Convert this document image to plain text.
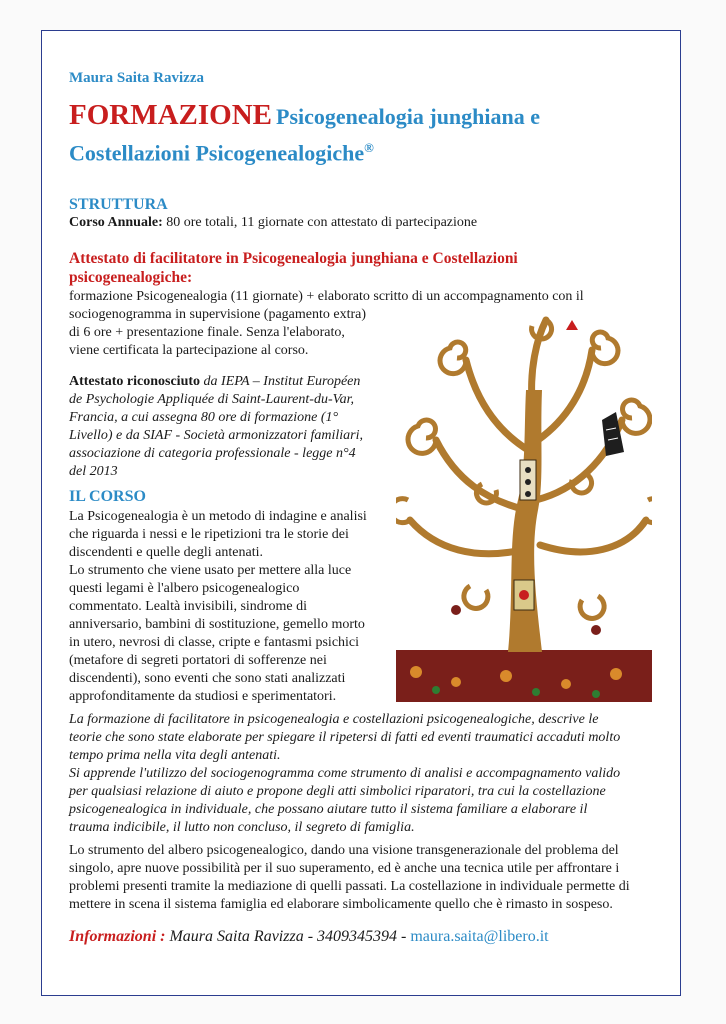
Maura Saita Ravizza
FORMAZIONE Psicogenealogia junghiana e
Costellazioni Psicogenealogiche®
STRUTTURA
Corso Annuale: 80 ore totali, 11 giornate con attestato di partecipazione
Attestato di facilitatore in Psicogenealogia junghiana e Costellazioni
psicogenealogiche:
formazione Psicogenealogia (11 giornate) + elaborato scritto di un accompagnamento con il
sociogenogramma in supervisione (pagamento extra)
di 6 ore + presentazione finale. Senza l'elaborato,
viene certificata la partecipazione al corso.
Attestato riconosciuto da IEPA – Institut Européen
de Psychologie Appliquée di Saint-Laurent-du-Var,
Francia, a cui assegna 80 ore di formazione (1°
Livello) e da SIAF - Società armonizzatori familiari,
associazione di categoria professionale - legge n°4
del 2013
IL CORSO
La Psicogenealogia è un metodo di indagine e analisi
che riguarda i nessi e le ripetizioni tra le storie dei
discendenti e quelle degli antenati.
Lo strumento che viene usato per mettere alla luce
questi legami è l'albero psicogenealogico
commentato. Lealtà invisibili, sindrome di
anniversario, bambini di sostituzione, gemello morto
in utero, nevrosi di classe, cripte e fantasmi psichici
(metafore di segreti portatori di sofferenze nei
discendenti), sono eventi che sono stati analizzati
approfonditamente da studiosi e sperimentatori.
La formazione di facilitatore in psicogenealogia e costellazioni psicogenealogiche, descrive le
teorie che sono state elaborate per spiegare il ripetersi di fatti ed eventi traumatici accaduti molto
tempo prima nella vita degli antenati.
Si apprende l'utilizzo del sociogenogramma come strumento di analisi e accompagnamento valido
per qualsiasi relazione di aiuto e propone degli atti simbolici riparatori, tra cui la costellazione
psicogenealogica in individuale, che possano aiutare tutto il sistema familiare a elaborare il
trauma indicibile, il lutto non concluso, il segreto di famiglia.
Lo strumento del albero psicogenealogico, dando una visione transgenerazionale del problema del
singolo, apre nuove possibilità per il suo superamento, ed è anche una tecnica utile per affrontare i
problemi presenti tramite la mediazione di quelli passati. La costellazione in individuale permette di
mettere in scena il sistema famiglia ed elaborare simbolicamente quello che è rimasto in sospeso.
Informazioni : Maura Saita Ravizza - 3409345394 - maura.saita@libero.it
